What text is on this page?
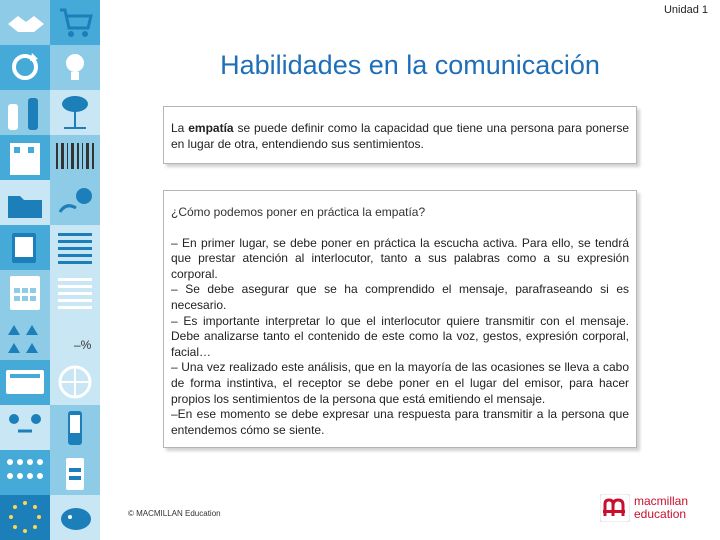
–%
Unidad 1
Habilidades en la comunicación

La empatía se puede definir como la capacidad que tiene una persona para ponerse en lugar de otra, entendiendo sus sentimientos.

¿Cómo podemos poner en práctica la empatía?

– En primer lugar, se debe poner en práctica la escucha activa. Para ello, se tendrá que prestar atención al interlocutor, tanto a sus palabras como a su expresión corporal.

– Se debe asegurar que se ha comprendido el mensaje, parafraseando si es necesario.

– Es importante interpretar lo que el interlocutor quiere transmitir con el mensaje. Debe analizarse tanto el contenido de este como la voz, gestos, expresión corporal, facial…

– Una vez realizado este análisis, que en la mayoría de las ocasiones se lleva a cabo de forma instintiva, el receptor se debe poner en el lugar del emisor, para hacer propios los sentimientos de la persona que está emitiendo el mensaje.

–En ese momento se debe expresar una respuesta para transmitir a la persona que entendemos cómo se siente.

© MACMILLAN Education
macmillan
education
